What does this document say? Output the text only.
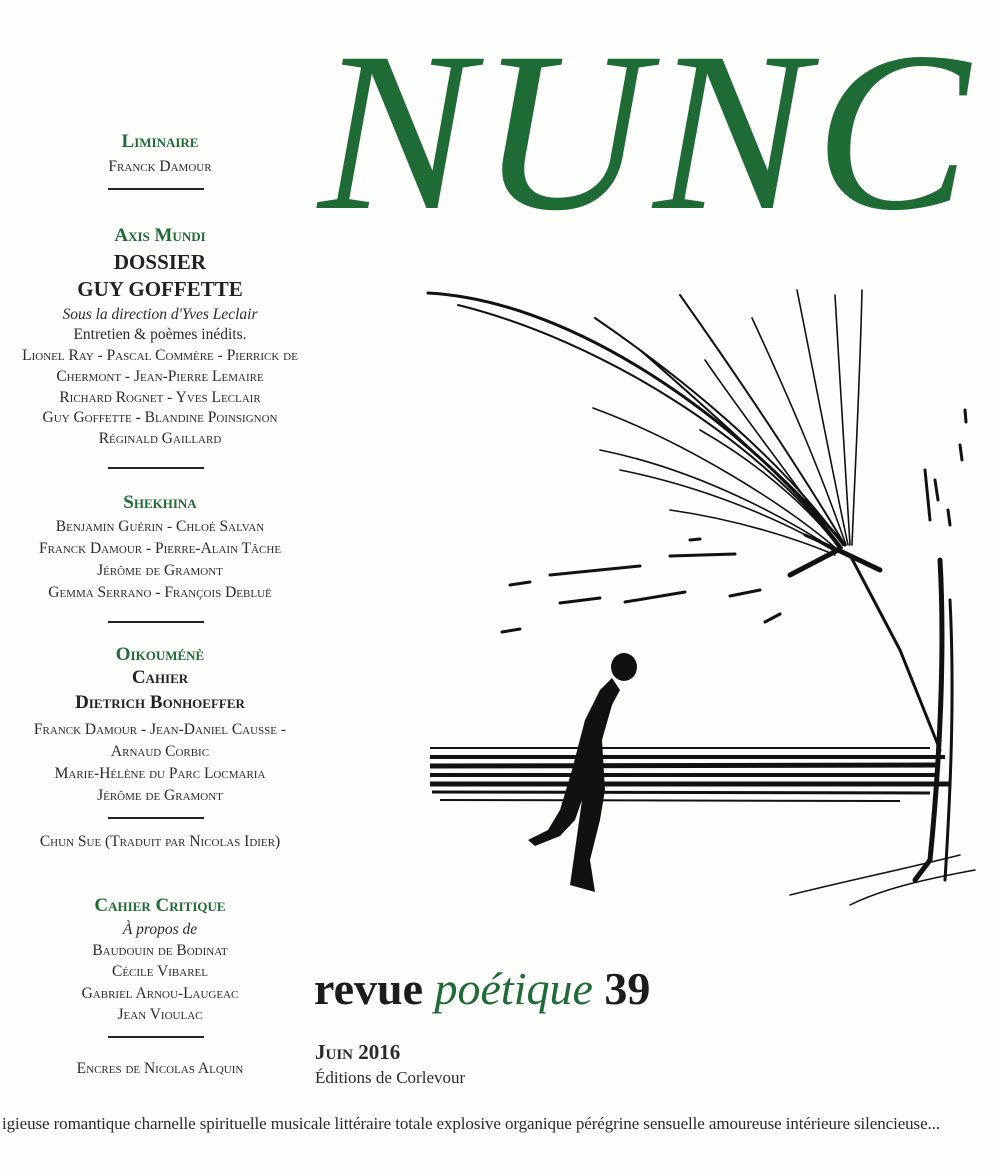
NUNC
Liminaire
Franck Damour
Axis Mundi
DOSSIER
GUY GOFFETTE
Sous la direction d'Yves Leclair
Entretien & poèmes inédits.
Lionel Ray - Pascal Commère - Pierrick de
Chermont - Jean-Pierre Lemaire
Richard Rognet - Yves Leclair
Guy Goffette - Blandine Poinsignon
Réginald Gaillard
Shekhina
Benjamin Guérin - Chloé Salvan
Franck Damour - Pierre-Alain Tâche
Jérôme de Gramont
Gemma Serrano - François Debluë
Oikouménè
Cahier
Dietrich Bonhoeffer
Franck Damour - Jean-Daniel Causse -
Arnaud Corbic
Marie-Hélène du Parc Locmaria
Jérôme de Gramont
Chun Sue (Traduit par Nicolas Idier)
Cahier Critique
À propos de
Baudouin de Bodinat
Cécile Vibarel
Gabriel Arnou-Laugeac
Jean Vioulac
Encres de Nicolas Alquin
revue poétique 39
Juin 2016
Éditions de Corlevour
igieuse romantique charnelle spirituelle musicale littéraire totale explosive organique pérégrine sensuelle amoureuse intérieure silencieuse...
